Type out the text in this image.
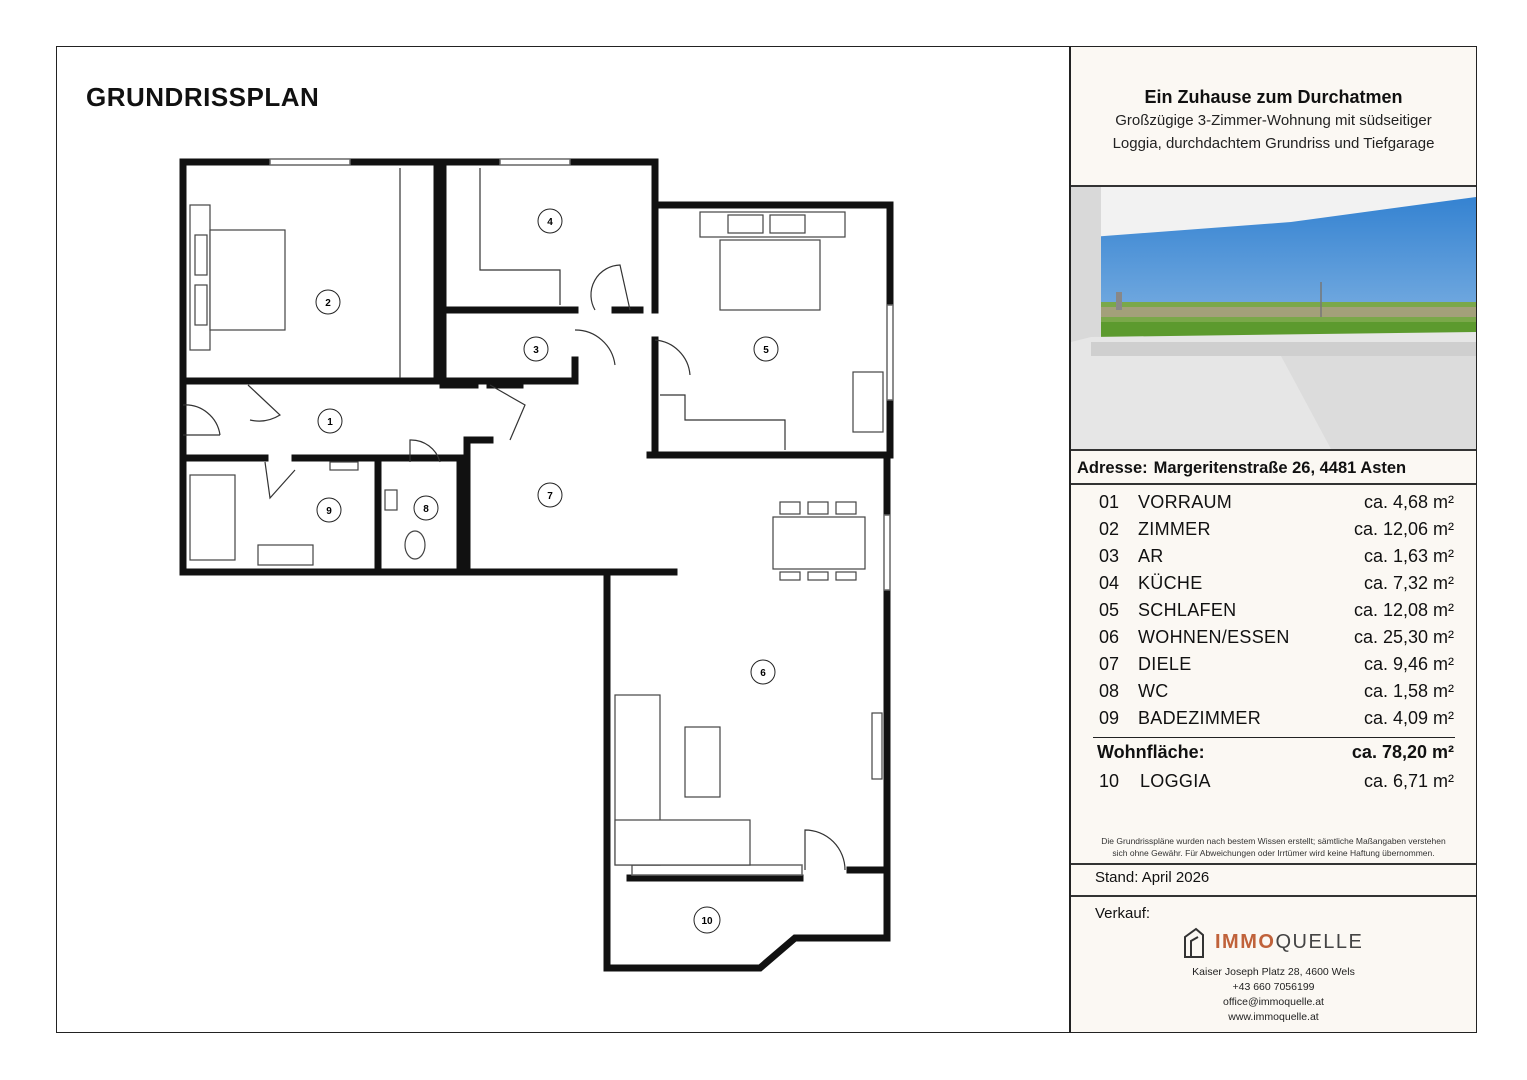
GRUNDRISSPLAN
1
2
3
4
5
6
7
8
9
10
Ein Zuhause zum Durchatmen
Großzügige 3-Zimmer-Wohnung mit südseitiger
Loggia, durchdachtem Grundriss und Tiefgarage
Adresse: Margeritenstraße 26, 4481 Asten
01 VORRAUM	ca. 4,68 m²
02 ZIMMER	ca. 12,06 m²
03 AR	ca. 1,63 m²
04 KÜCHE	ca. 7,32 m²
05 SCHLAFEN	ca. 12,08 m²
06 WOHNEN/ESSEN	ca. 25,30 m²
07 DIELE	ca. 9,46 m²
08 WC	ca. 1,58 m²
09 BADEZIMMER	ca. 4,09 m²
Wohnfläche:	ca. 78,20 m²
10 LOGGIA	ca. 6,71 m²
Die Grundrisspläne wurden nach bestem Wissen erstellt; sämtliche Maßangaben verstehen
sich ohne Gewähr. Für Abweichungen oder Irrtümer wird keine Haftung übernommen.
Stand: April 2026
Verkauf:
IMMOQUELLE
Kaiser Joseph Platz 28, 4600 Wels
+43 660 7056199
office@immoquelle.at
www.immoquelle.at
